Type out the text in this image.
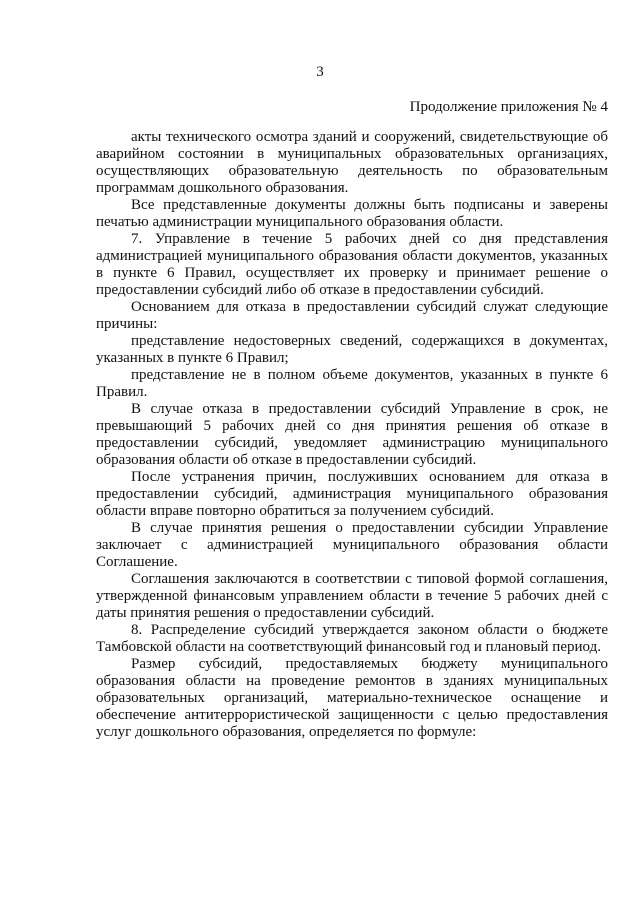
3
Продолжение приложения № 4

акты технического осмотра зданий и сооружений, свидетельствующие об аварийном состоянии в муниципальных образовательных организациях, осуществляющих образовательную деятельность по образовательным программам дошкольного образования.

Все представленные документы должны быть подписаны и заверены печатью администрации муниципального образования области.

7. Управление в течение 5 рабочих дней со дня представления администрацией муниципального образования области документов, указанных в пункте 6 Правил, осуществляет их проверку и принимает решение о предоставлении субсидий либо об отказе в предоставлении субсидий.

Основанием для отказа в предоставлении субсидий служат следующие причины:

представление недостоверных сведений, содержащихся в документах, указанных в пункте 6 Правил;

представление не в полном объеме документов, указанных в пункте 6 Правил.

В случае отказа в предоставлении субсидий Управление в срок, не превышающий 5 рабочих дней со дня принятия решения об отказе в предоставлении субсидий, уведомляет администрацию муниципального образования области об отказе в предоставлении субсидий.

После устранения причин, послуживших основанием для отказа в предоставлении субсидий, администрация муниципального образования области вправе повторно обратиться за получением субсидий.

В случае принятия решения о предоставлении субсидии Управление заключает с администрацией муниципального образования области Соглашение.

Соглашения заключаются в соответствии с типовой формой соглашения, утвержденной финансовым управлением области в течение 5 рабочих дней с даты принятия решения о предоставлении субсидий.

8. Распределение субсидий утверждается законом области о бюджете Тамбовской области на соответствующий финансовый год и плановый период.

Размер субсидий, предоставляемых бюджету муниципального образования области на проведение ремонтов в зданиях муниципальных образовательных организаций, материально-техническое оснащение и обеспечение антитеррористической защищенности с целью предоставления услуг дошкольного образования, определяется по формуле:
